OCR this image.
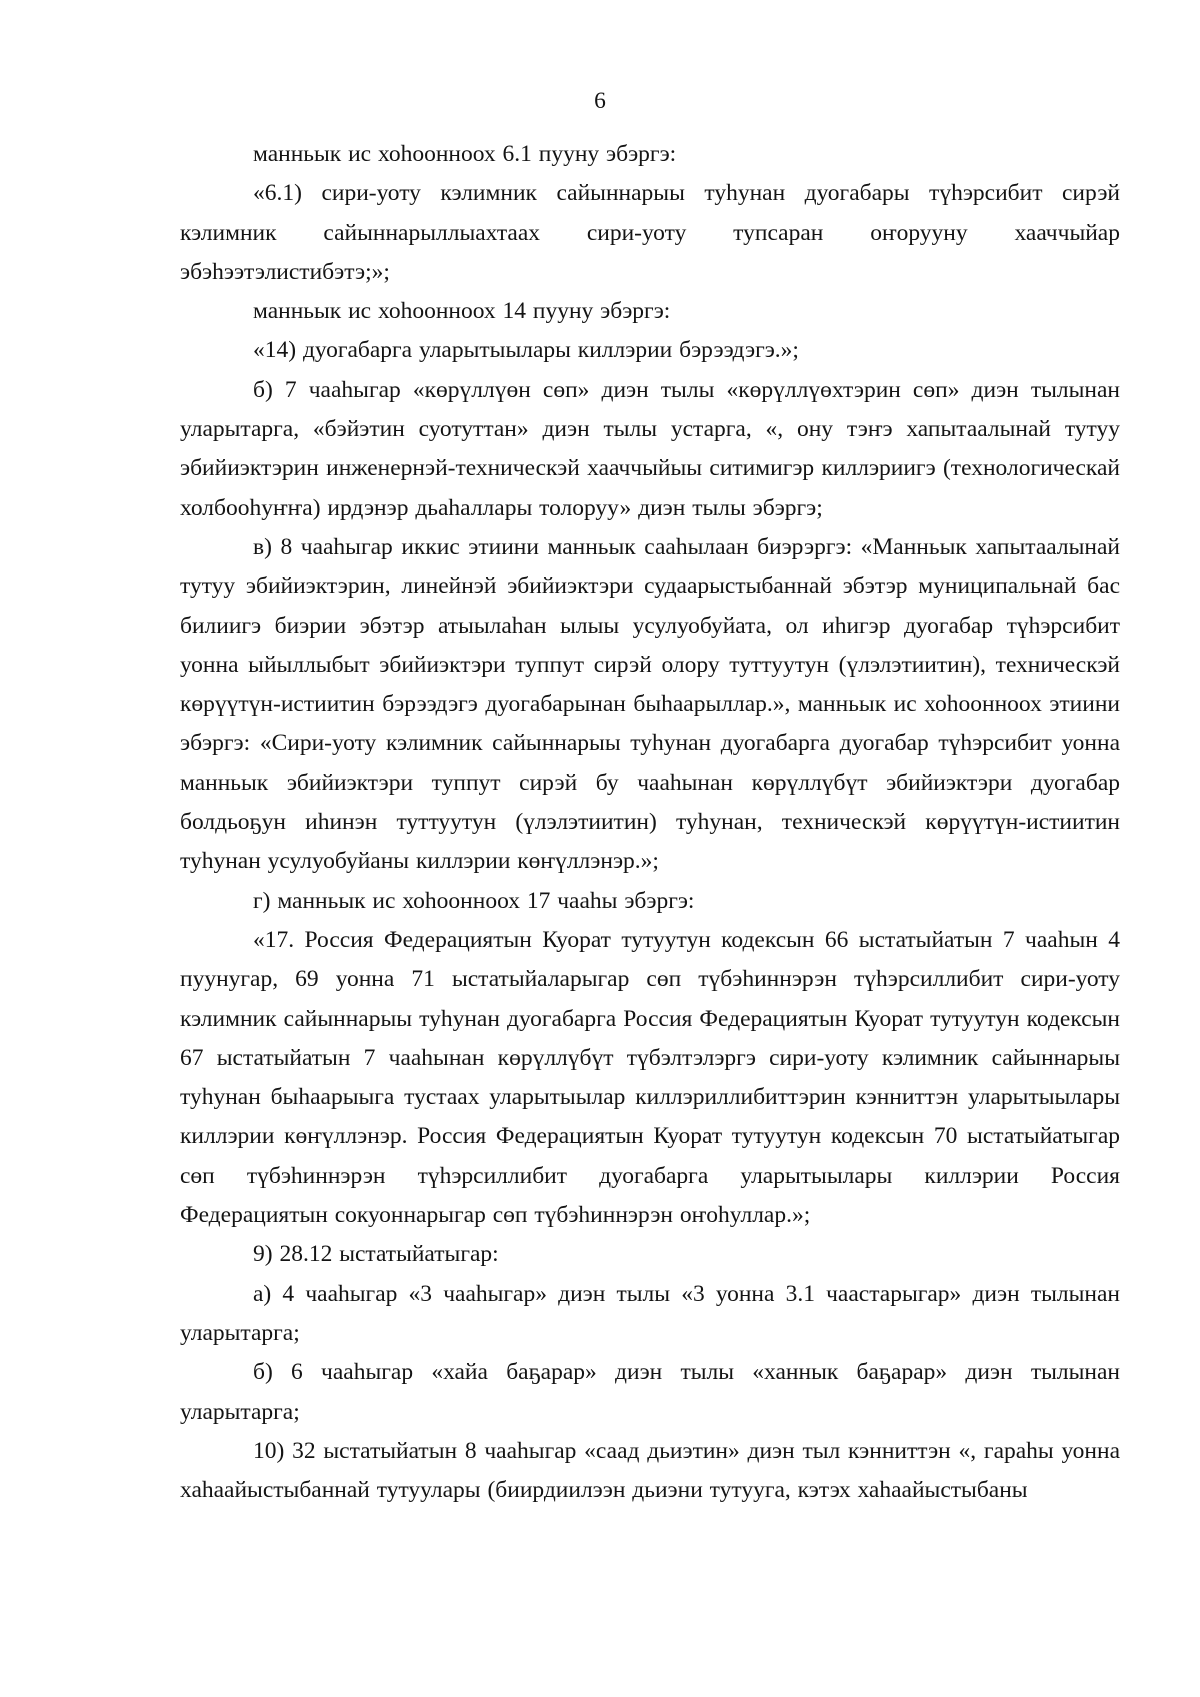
6

манньык ис хоһоонноох 6.1 пууну эбэргэ:

«6.1) сири-уоту кэлимник сайыннарыы туһунан дуогабары түһэрсибит сирэй кэлимник сайыннарыллыахтаах сири-уоту тупсаран оҥорууну хааччыйар эбэһээтэлистибэтэ;»;

манньык ис хоһоонноох 14 пууну эбэргэ:

«14) дуогабарга уларытыылары киллэрии бэрээдэгэ.»;

б) 7 чааһыгар «көрүллүөн сөп» диэн тылы «көрүллүөхтэрин сөп» диэн тылынан уларытарга, «бэйэтин суотуттан» диэн тылы устарга, «, ону тэҥэ хапытаалынай тутуу эбийиэктэрин инженернэй-техническэй хааччыйыы ситимигэр киллэриигэ (технологическай холбооһуҥҥа) ирдэнэр дьаһаллары толоруу» диэн тылы эбэргэ;

в) 8 чааһыгар иккис этиини манньык сааһылаан биэрэргэ: «Манньык хапытаалынай тутуу эбийиэктэрин, линейнэй эбийиэктэри судаарыстыбаннай эбэтэр муниципальнай бас билиигэ биэрии эбэтэр атыылаһан ылыы усулуобуйата, ол иһигэр дуогабар түһэрсибит уонна ыйыллыбыт эбийиэктэри туппут сирэй олору туттуутун (үлэлэтиитин), техническэй көрүүтүн-истиитин бэрээдэгэ дуогабарынан быһаарыллар.», манньык ис хоһоонноох этиини эбэргэ: «Сири-уоту кэлимник сайыннарыы туһунан дуогабарга дуогабар түһэрсибит уонна манньык эбийиэктэри туппут сирэй бу чааһынан көрүллүбүт эбийиэктэри дуогабар болдьоҕун иһинэн туттуутун (үлэлэтиитин) туһунан, техническэй көрүүтүн-истиитин туһунан усулуобуйаны киллэрии көҥүллэнэр.»;

г) манньык ис хоһоонноох 17 чааһы эбэргэ:

«17. Россия Федерациятын Куорат тутуутун кодексын 66 ыстатыйатын 7 чааһын 4 пуунугар, 69 уонна 71 ыстатыйаларыгар сөп түбэһиннэрэн түһэрсиллибит сири-уоту кэлимник сайыннарыы туһунан дуогабарга Россия Федерациятын Куорат тутуутун кодексын 67 ыстатыйатын 7 чааһынан көрүллүбүт түбэлтэлэргэ сири-уоту кэлимник сайыннарыы туһунан быһаарыыга тустаах уларытыылар киллэриллибиттэрин кэнниттэн уларытыылары киллэрии көҥүллэнэр. Россия Федерациятын Куорат тутуутун кодексын 70 ыстатыйатыгар сөп түбэһиннэрэн түһэрсиллибит дуогабарга уларытыылары киллэрии Россия Федерациятын сокуоннарыгар сөп түбэһиннэрэн оҥоһуллар.»;

9) 28.12 ыстатыйатыгар:

а) 4 чааһыгар «3 чааһыгар» диэн тылы «3 уонна 3.1 чаастарыгар» диэн тылынан уларытарга;

б) 6 чааһыгар «хайа баҕарар» диэн тылы «ханнык баҕарар» диэн тылынан уларытарга;

10) 32 ыстатыйатын 8 чааһыгар «саад дьиэтин» диэн тыл кэнниттэн «, гараһы уонна хаһаайыстыбаннай тутуулары (биирдиилээн дьиэни тутууга, кэтэх хаһаайыстыбаны
